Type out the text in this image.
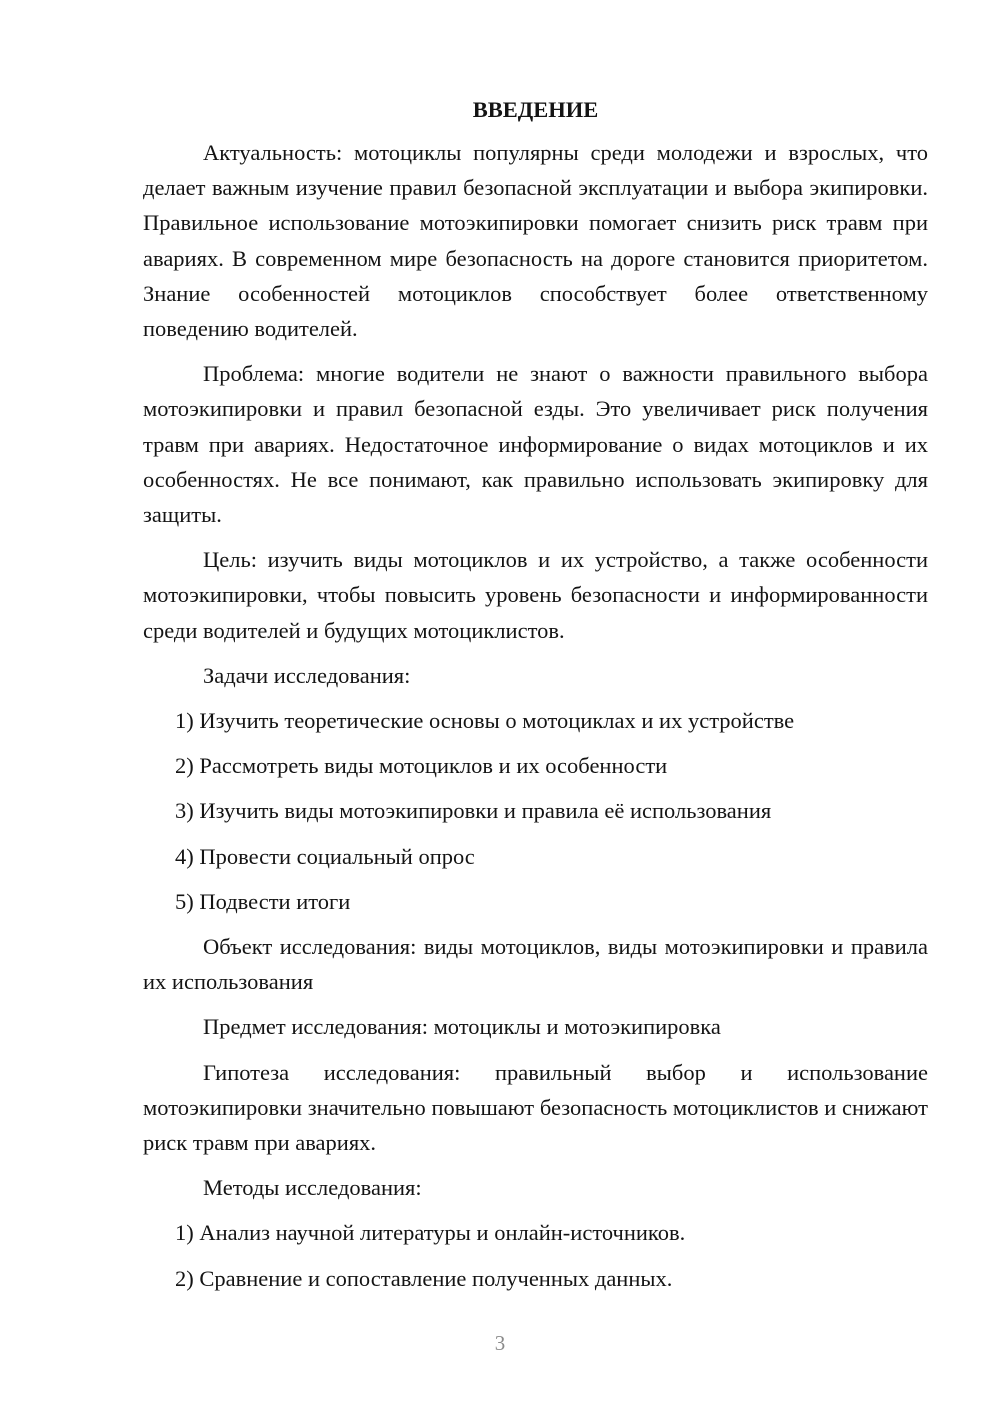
ВВЕДЕНИЕ

Актуальность: мотоциклы популярны среди молодежи и взрослых, что делает важным изучение правил безопасной эксплуатации и выбора экипировки. Правильное использование мотоэкипировки помогает снизить риск травм при авариях. В современном мире безопасность на дороге становится приоритетом. Знание особенностей мотоциклов способствует более ответственному поведению водителей.

Проблема: многие водители не знают о важности правильного выбора мотоэкипировки и правил безопасной езды. Это увеличивает риск получения травм при авариях. Недостаточное информирование о видах мотоциклов и их особенностях. Не все понимают, как правильно использовать экипировку для защиты.

Цель: изучить виды мотоциклов и их устройство, а также особенности мотоэкипировки, чтобы повысить уровень безопасности и информированности среди водителей и будущих мотоциклистов.

Задачи исследования:

1) Изучить теоретические основы о мотоциклах и их устройстве

2) Рассмотреть виды мотоциклов и их особенности

3) Изучить виды мотоэкипировки и правила её использования

4) Провести социальный опрос

5) Подвести итоги

Объект исследования: виды мотоциклов, виды мотоэкипировки и правила их использования

Предмет исследования: мотоциклы и мотоэкипировка

Гипотеза исследования: правильный выбор и использование мотоэкипировки значительно повышают безопасность мотоциклистов и снижают риск травм при авариях.

Методы исследования:

1) Анализ научной литературы и онлайн-источников.

2) Сравнение и сопоставление полученных данных.

3
